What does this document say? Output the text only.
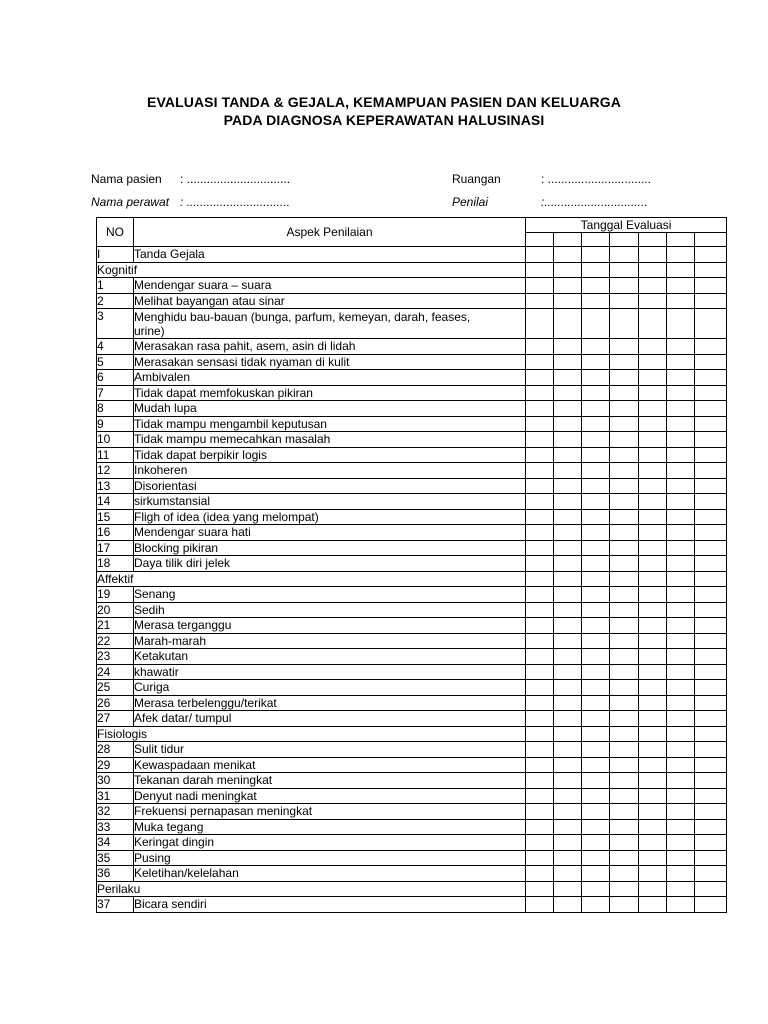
EVALUASI TANDA & GEJALA, KEMAMPUAN PASIEN DAN KELUARGA
PADA DIAGNOSA KEPERAWATAN HALUSINASI
Nama pasien : ...............................
Nama perawat : ...............................
Ruangan	: ...............................
Penilai	:...............................
NO	Aspek Penilaian	Tanggal Evaluasi						

I	Tanda Gejala							
Kognitif								
1	Mendengar suara – suara							
2	Melihat bayangan atau sinar							
3	Menghidu bau-bauan (bunga, parfum, kemeyan, darah, feases, urine)							
4	Merasakan rasa pahit, asem, asin di lidah							
5	Merasakan sensasi tidak nyaman di kulit							
6	Ambivalen							
7	Tidak dapat memfokuskan pikiran							
8	Mudah lupa							
9	Tidak mampu mengambil keputusan							
10	Tidak mampu memecahkan masalah							
11	Tidak dapat berpikir logis							
12	Inkoheren							
13	Disorientasi							
14	sirkumstansial							
15	Fligh of idea (idea yang melompat)							
16	Mendengar suara hati							
17	Blocking pikiran							
18	Daya tilik diri jelek							
Affektif								
19	Senang							
20	Sedih							
21	Merasa terganggu							
22	Marah-marah							
23	Ketakutan							
24	khawatir							
25	Curiga							
26	Merasa terbelenggu/terikat							
27	Afek datar/ tumpul							
Fisiologis								
28	Sulit tidur							
29	Kewaspadaan menikat							
30	Tekanan darah meningkat							
31	Denyut nadi meningkat							
32	Frekuensi pernapasan meningkat							
33	Muka tegang							
34	Keringat dingin							
35	Pusing							
36	Keletihan/kelelahan							
Perilaku								
37	Bicara sendiri							
